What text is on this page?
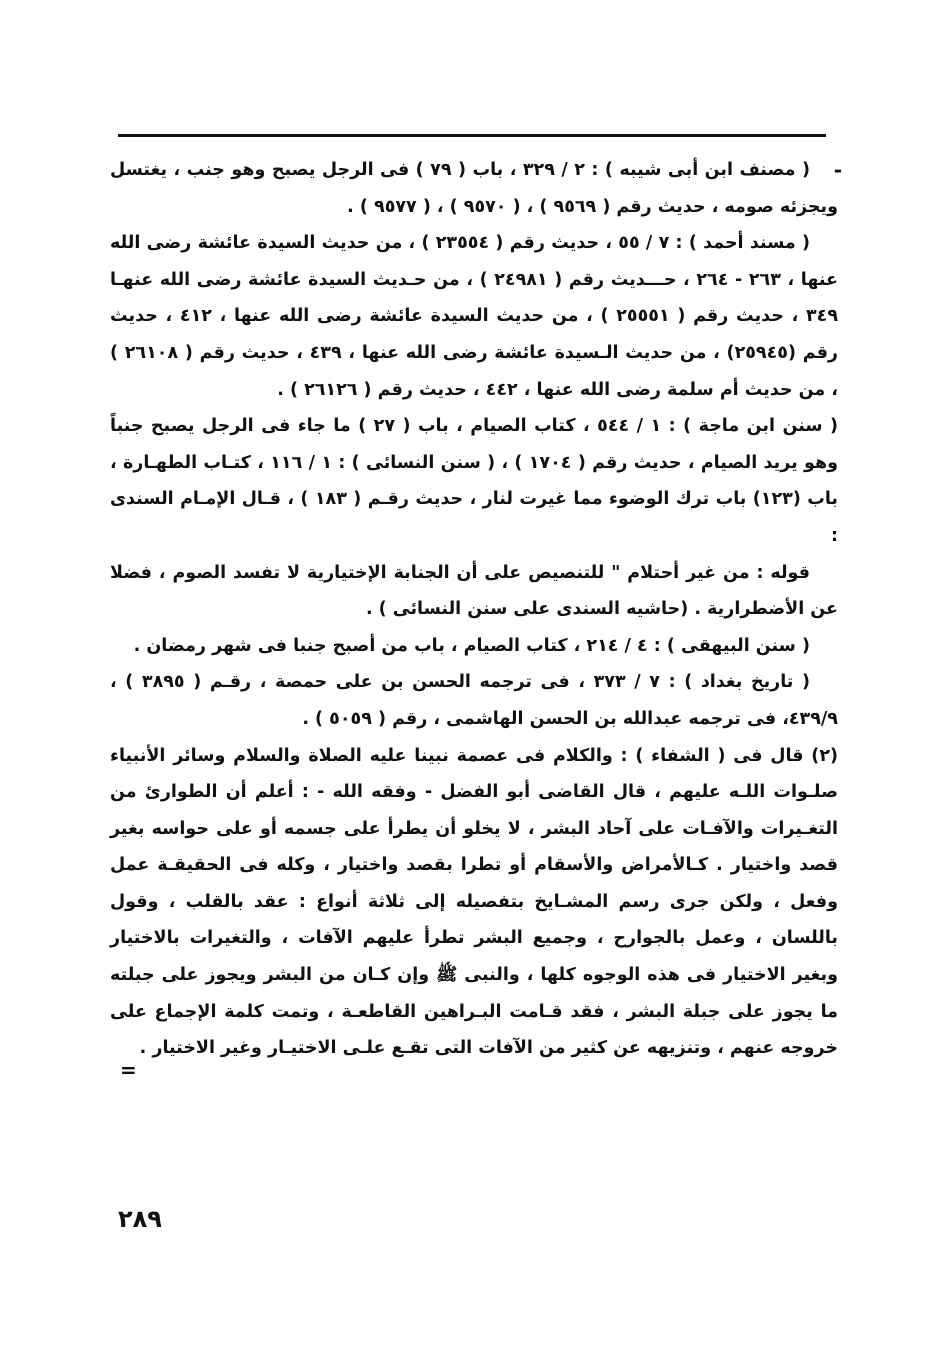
-

( مصنف ابن أبى شيبه ) : ٢ / ٣٢٩ ، باب ( ٧٩ ) فى الرجل يصبح وهو جنب ، يغتسل ويجزئه صومه ، حديث رقم ( ٩٥٦٩ ) ، ( ٩٥٧٠ ) ، ( ٩٥٧٧ ) .

( مسند أحمد ) : ٧ / ٥٥ ، حديث رقم ( ٢٣٥٥٤ ) ، من حديث السيدة عائشة رضى الله عنها ، ٢٦٣ - ٢٦٤ ، حـــديث رقم ( ٢٤٩٨١ ) ، من حـديث السيدة عائشة رضى الله عنهـا ٣٤٩ ، حديث رقم ( ٢٥٥٥١ ) ، من حديث السيدة عائشة رضى الله عنها ، ٤١٢ ، حديث رقم (٢٥٩٤٥) ، من حديث الـسيدة عائشة رضى الله عنها ، ٤٣٩ ، حديث رقم ( ٢٦١٠٨ ) ، من حديث أم سلمة رضى الله عنها ، ٤٤٢ ، حديث رقم ( ٢٦١٢٦ ) .

( سنن ابن ماجة ) : ١ / ٥٤٤ ، كتاب الصيام ، باب ( ٢٧ ) ما جاء فى الرجل يصبح جنباً وهو يريد الصيام ، حديث رقم ( ١٧٠٤ ) ، ( سنن النسائى ) : ١ / ١١٦ ، كتـاب الطهـارة ، باب (١٢٣) باب ترك الوضوء مما غيرت لنار ، حديث رقـم ( ١٨٣ ) ، قـال الإمـام السندى :

قوله : من غير أحتلام " للتنصيص على أن الجنابة الإختيارية لا تفسد الصوم ، فضلا عن الأضطرارية . (حاشيه السندى على سنن النسائى ) .

( سنن البيهقى ) : ٤ / ٢١٤ ، كتاب الصيام ، باب من أصبح جنبا فى شهر رمضان .

( تاريخ بغداد ) : ٧ / ٣٧٣ ، فى ترجمه الحسن بن على حمصة ، رقـم ( ٣٨٩٥ ) ، ٤٣٩/٩، فى ترجمه عبدالله بن الحسن الهاشمى ، رقم ( ٥٠٥٩ ) .

(٢) قال فى ( الشفاء ) : والكلام فى عصمة نبينا عليه الصلاة والسلام وسائر الأنبياء صلـوات اللـه عليهم ، قال القاضى أبو الفضل - وفقه الله - : أعلم أن الطوارئ من التغـيرات والآفـات على آحاد البشر ، لا يخلو أن يطرأ على جسمه أو على حواسه بغير قصد واختيار . كـالأمراض والأسقام أو تطرا بقصد واختيار ، وكله فى الحقيقـة عمل وفعل ، ولكن جرى رسم المشـايخ بتفصيله إلى ثلاثة أنواع : عقد بالقلب ، وقول باللسان ، وعمل بالجوارح ، وجميع البشر تطرأ عليهم الآفات ، والتغيرات بالاختيار وبغير الاختيار فى هذه الوجوه كلها ، والنبى ﷺ وإن كـان من البشر ويجوز على جبلته ما يجوز على جبلة البشر ، فقد قـامت البـراهين القاطعـة ، وتمت كلمة الإجماع على خروجه عنهم ، وتنزيهه عن كثير من الآفات التى تقـع علـى الاختيـار وغير الاختيار .

=
٢٨٩
